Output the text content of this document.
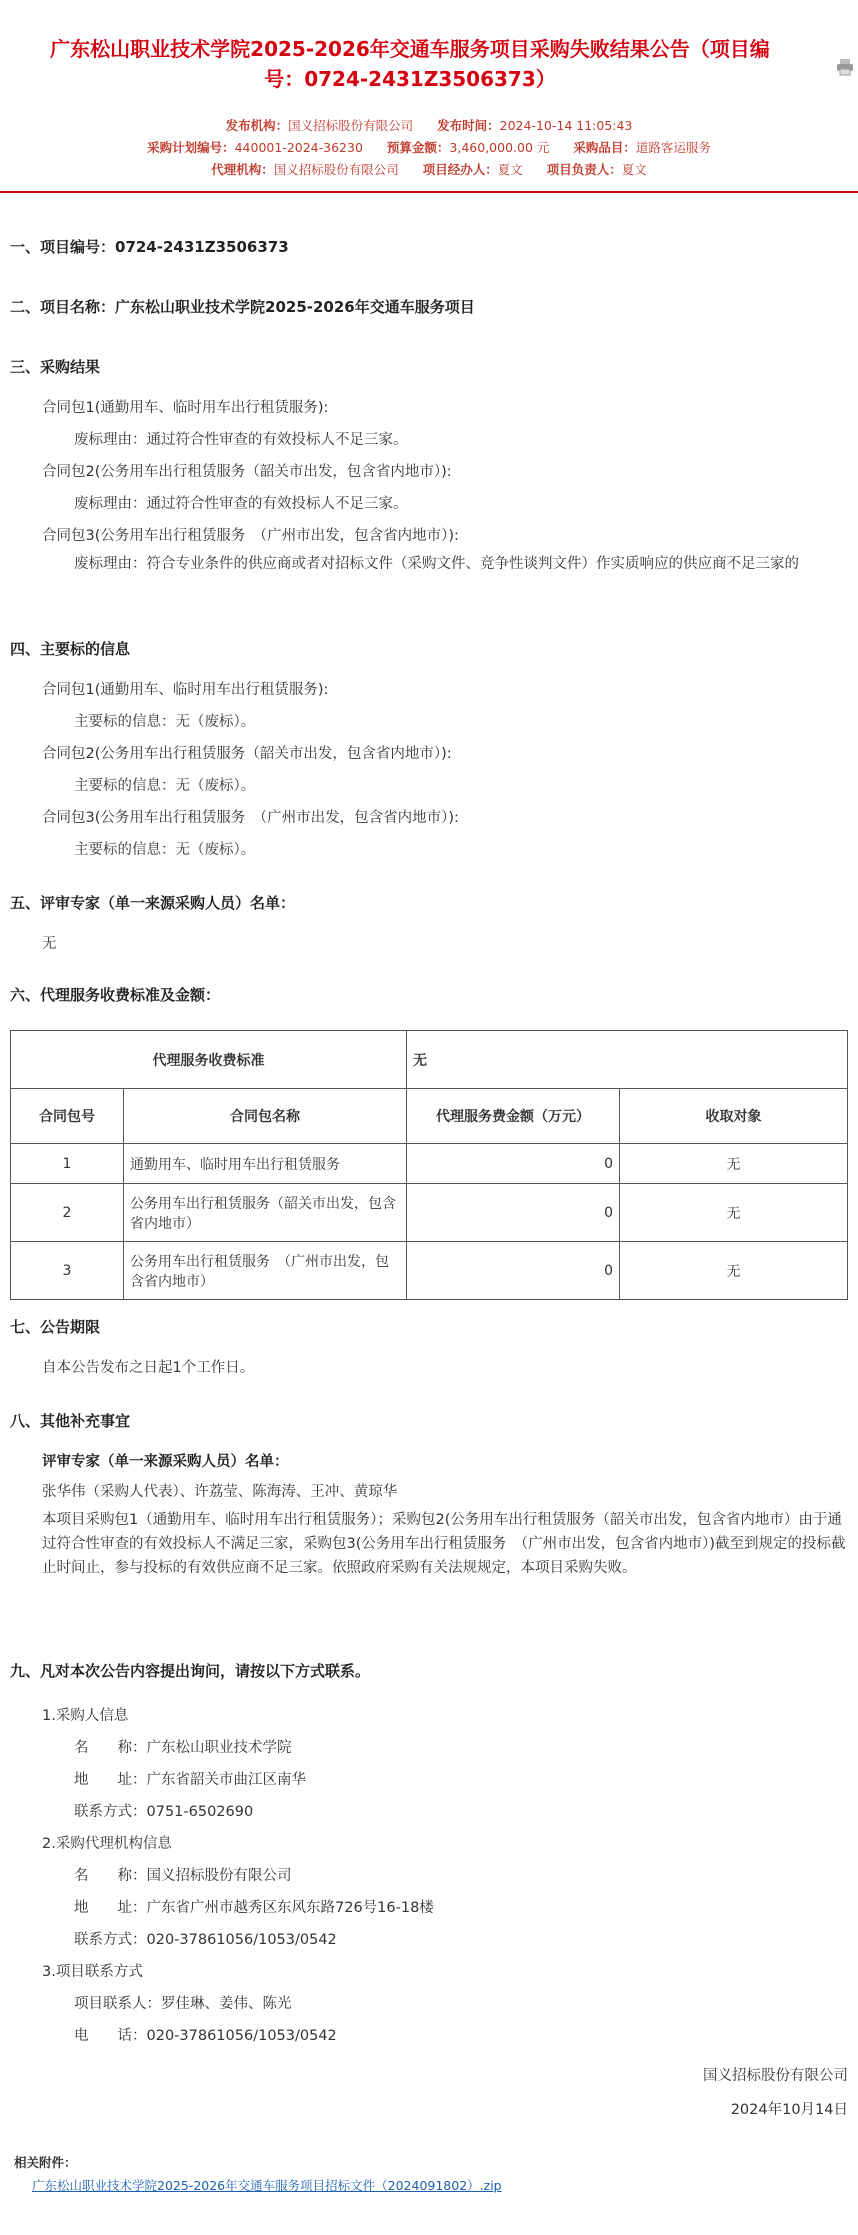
广东松山职业技术学院2025-2026年交通车服务项目采购失败结果公告（项目编号：0724-2431Z3506373）
发布机构：国义招标股份有限公司 发布时间：2024-10-14 11:05:43
采购计划编号：440001-2024-36230 预算金额：3,460,000.00 元 采购品目：道路客运服务
代理机构：国义招标股份有限公司 项目经办人：夏文 项目负责人：夏文
一、项目编号：0724-2431Z3506373
二、项目名称：广东松山职业技术学院2025-2026年交通车服务项目
三、采购结果
合同包1(通勤用车、临时用车出行租赁服务):
废标理由：通过符合性审查的有效投标人不足三家。
合同包2(公务用车出行租赁服务（韶关市出发，包含省内地市）):
废标理由：通过符合性审查的有效投标人不足三家。
合同包3(公务用车出行租赁服务　（广州市出发，包含省内地市）):
废标理由：符合专业条件的供应商或者对招标文件（采购文件、竞争性谈判文件）作实质响应的供应商不足三家的
四、主要标的信息
合同包1(通勤用车、临时用车出行租赁服务):
主要标的信息：无（废标）。
合同包2(公务用车出行租赁服务（韶关市出发，包含省内地市）):
主要标的信息：无（废标）。
合同包3(公务用车出行租赁服务　（广州市出发，包含省内地市）):
主要标的信息：无（废标）。
五、评审专家（单一来源采购人员）名单：
无
六、代理服务收费标准及金额：
代理服务收费标准		无	
合同包号	合同包名称	代理服务费金额（万元）	收取对象
1	通勤用车、临时用车出行租赁服务	0	无
2	公务用车出行租赁服务（韶关市出发，包含省内地市）	0	无
3	公务用车出行租赁服务　（广州市出发，包含省内地市）	0	无
七、公告期限
自本公告发布之日起1个工作日。
八、其他补充事宜
评审专家（单一来源采购人员）名单：
张华伟（采购人代表）、许荔莹、陈海涛、王冲、黄琼华
本项目采购包1（通勤用车、临时用车出行租赁服务）；采购包2(公务用车出行租赁服务（韶关市出发，包含省内地市）由于通过符合性审查的有效投标人不满足三家，采购包3(公务用车出行租赁服务　（广州市出发，包含省内地市）)截至到规定的投标截止时间止，参与投标的有效供应商不足三家。依照政府采购有关法规规定，本项目采购失败。
九、凡对本次公告内容提出询问，请按以下方式联系。
1.采购人信息
名　　称：广东松山职业技术学院
地　　址：广东省韶关市曲江区南华
联系方式：0751-6502690
2.采购代理机构信息
名　　称：国义招标股份有限公司
地　　址：广东省广州市越秀区东风东路726号16-18楼
联系方式：020-37861056/1053/0542
3.项目联系方式
项目联系人：罗佳琳、姜伟、陈光
电　　话：020-37861056/1053/0542
国义招标股份有限公司
2024年10月14日
相关附件：
广东松山职业技术学院2025-2026年交通车服务项目招标文件（2024091802）.zip
